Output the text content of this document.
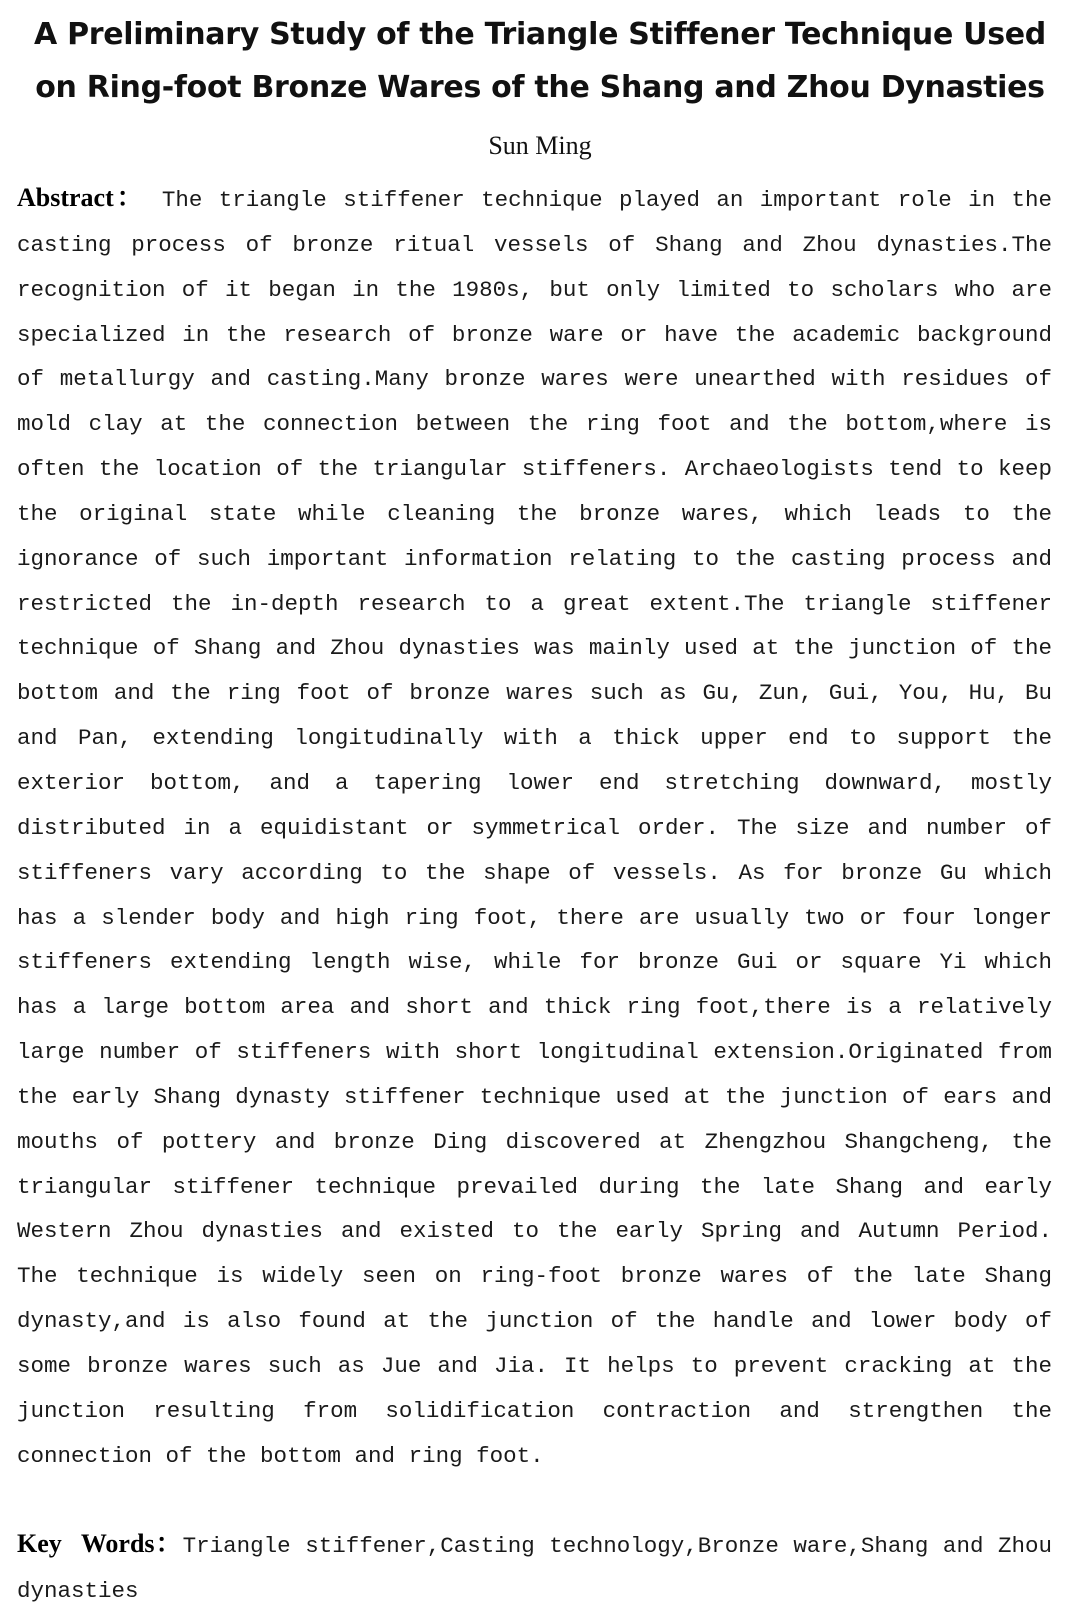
A Preliminary Study of the Triangle Stiffener Technique Used on Ring-foot Bronze Wares of the Shang and Zhou Dynasties
Sun Ming

Abstract： The triangle stiffener technique played an important role in the casting process of bronze ritual vessels of Shang and Zhou dynasties.The recognition of it began in the 1980s, but only limited to scholars who are specialized in the research of bronze ware or have the academic background of metallurgy and casting.Many bronze wares were unearthed with residues of mold clay at the connection between the ring foot and the bottom,where is often the location of the triangular stiffeners. Archaeologists tend to keep the original state while cleaning the bronze wares, which leads to the ignorance of such important information relating to the casting process and restricted the in-depth research to a great extent.The triangle stiffener technique of Shang and Zhou dynasties was mainly used at the junction of the bottom and the ring foot of bronze wares such as Gu, Zun, Gui, You, Hu, Bu and Pan, extending longitudinally with a thick upper end to support the exterior bottom, and a tapering lower end stretching downward, mostly distributed in a equidistant or symmetrical order. The size and number of stiffeners vary according to the shape of vessels. As for bronze Gu which has a slender body and high ring foot, there are usually two or four longer stiffeners extending length wise, while for bronze Gui or square Yi which has a large bottom area and short and thick ring foot,there is a relatively large number of stiffeners with short longitudinal extension.Originated from the early Shang dynasty stiffener technique used at the junction of ears and mouths of pottery and bronze Ding discovered at Zhengzhou Shangcheng, the triangular stiffener technique prevailed during the late Shang and early Western Zhou dynasties and existed to the early Spring and Autumn Period. The technique is widely seen on ring-foot bronze wares of the late Shang dynasty,and is also found at the junction of the handle and lower body of some bronze wares such as Jue and Jia. It helps to prevent cracking at the junction resulting from solidification contraction and strengthen the connection of the bottom and ring foot.

Key Words：Triangle stiffener,Casting technology,Bronze ware,Shang and Zhou dynasties
